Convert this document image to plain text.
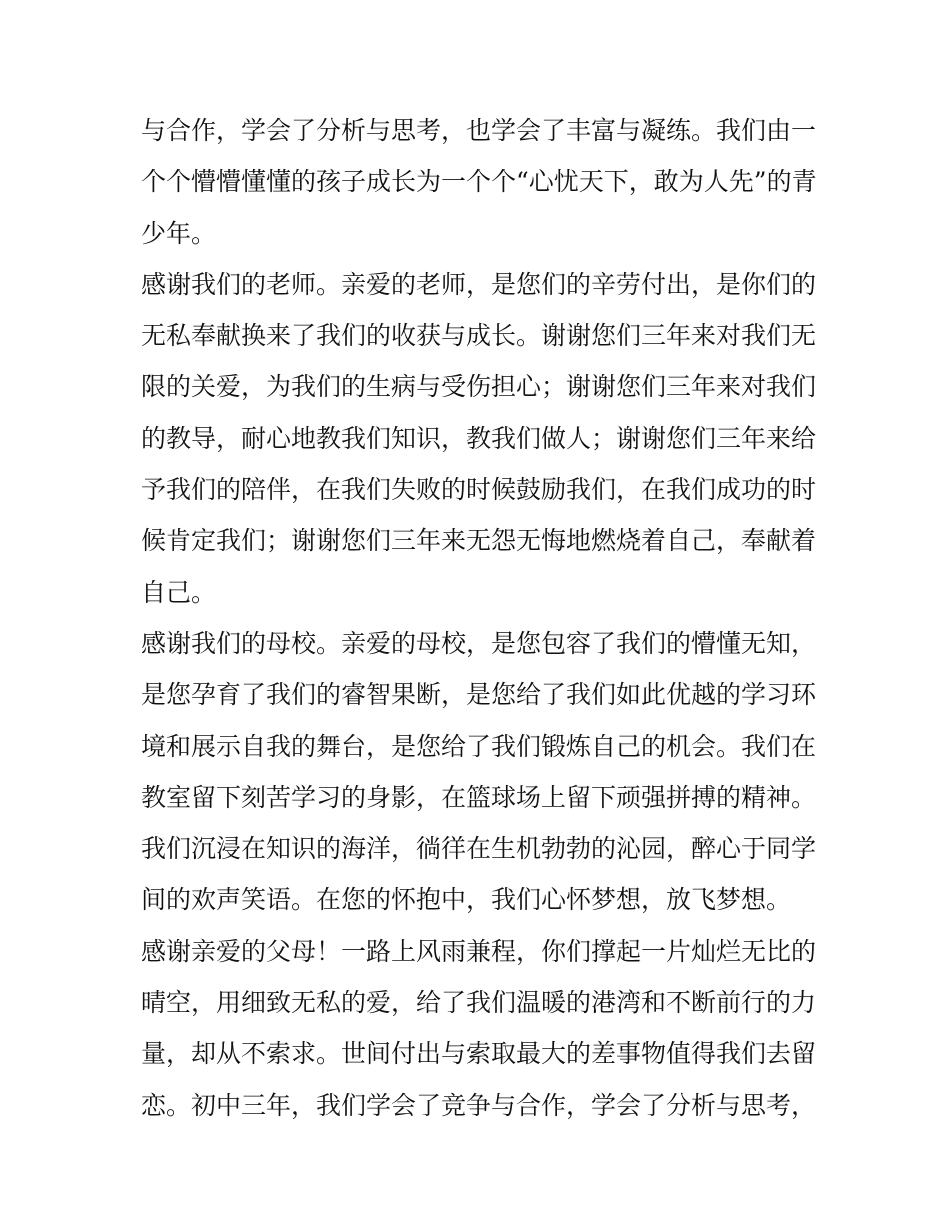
与合作，学会了分析与思考，也学会了丰富与凝练。我们由一
个个懵懵懂懂的孩子成长为一个个“心忧天下，敢为人先”的青
少年。
感谢我们的老师。亲爱的老师，是您们的辛劳付出，是你们的
无私奉献换来了我们的收获与成长。谢谢您们三年来对我们无
限的关爱，为我们的生病与受伤担心；谢谢您们三年来对我们
的教导，耐心地教我们知识，教我们做人；谢谢您们三年来给
予我们的陪伴，在我们失败的时候鼓励我们，在我们成功的时
候肯定我们；谢谢您们三年来无怨无悔地燃烧着自己，奉献着
自己。
感谢我们的母校。亲爱的母校，是您包容了我们的懵懂无知，
是您孕育了我们的睿智果断，是您给了我们如此优越的学习环
境和展示自我的舞台，是您给了我们锻炼自己的机会。我们在
教室留下刻苦学习的身影，在篮球场上留下顽强拼搏的精神。
我们沉浸在知识的海洋，徜徉在生机勃勃的沁园，醉心于同学
间的欢声笑语。在您的怀抱中，我们心怀梦想，放飞梦想。
感谢亲爱的父母！一路上风雨兼程，你们撑起一片灿烂无比的
晴空，用细致无私的爱，给了我们温暖的港湾和不断前行的力
量，却从不索求。世间付出与索取最大的差事物值得我们去留
恋。初中三年，我们学会了竞争与合作，学会了分析与思考，
